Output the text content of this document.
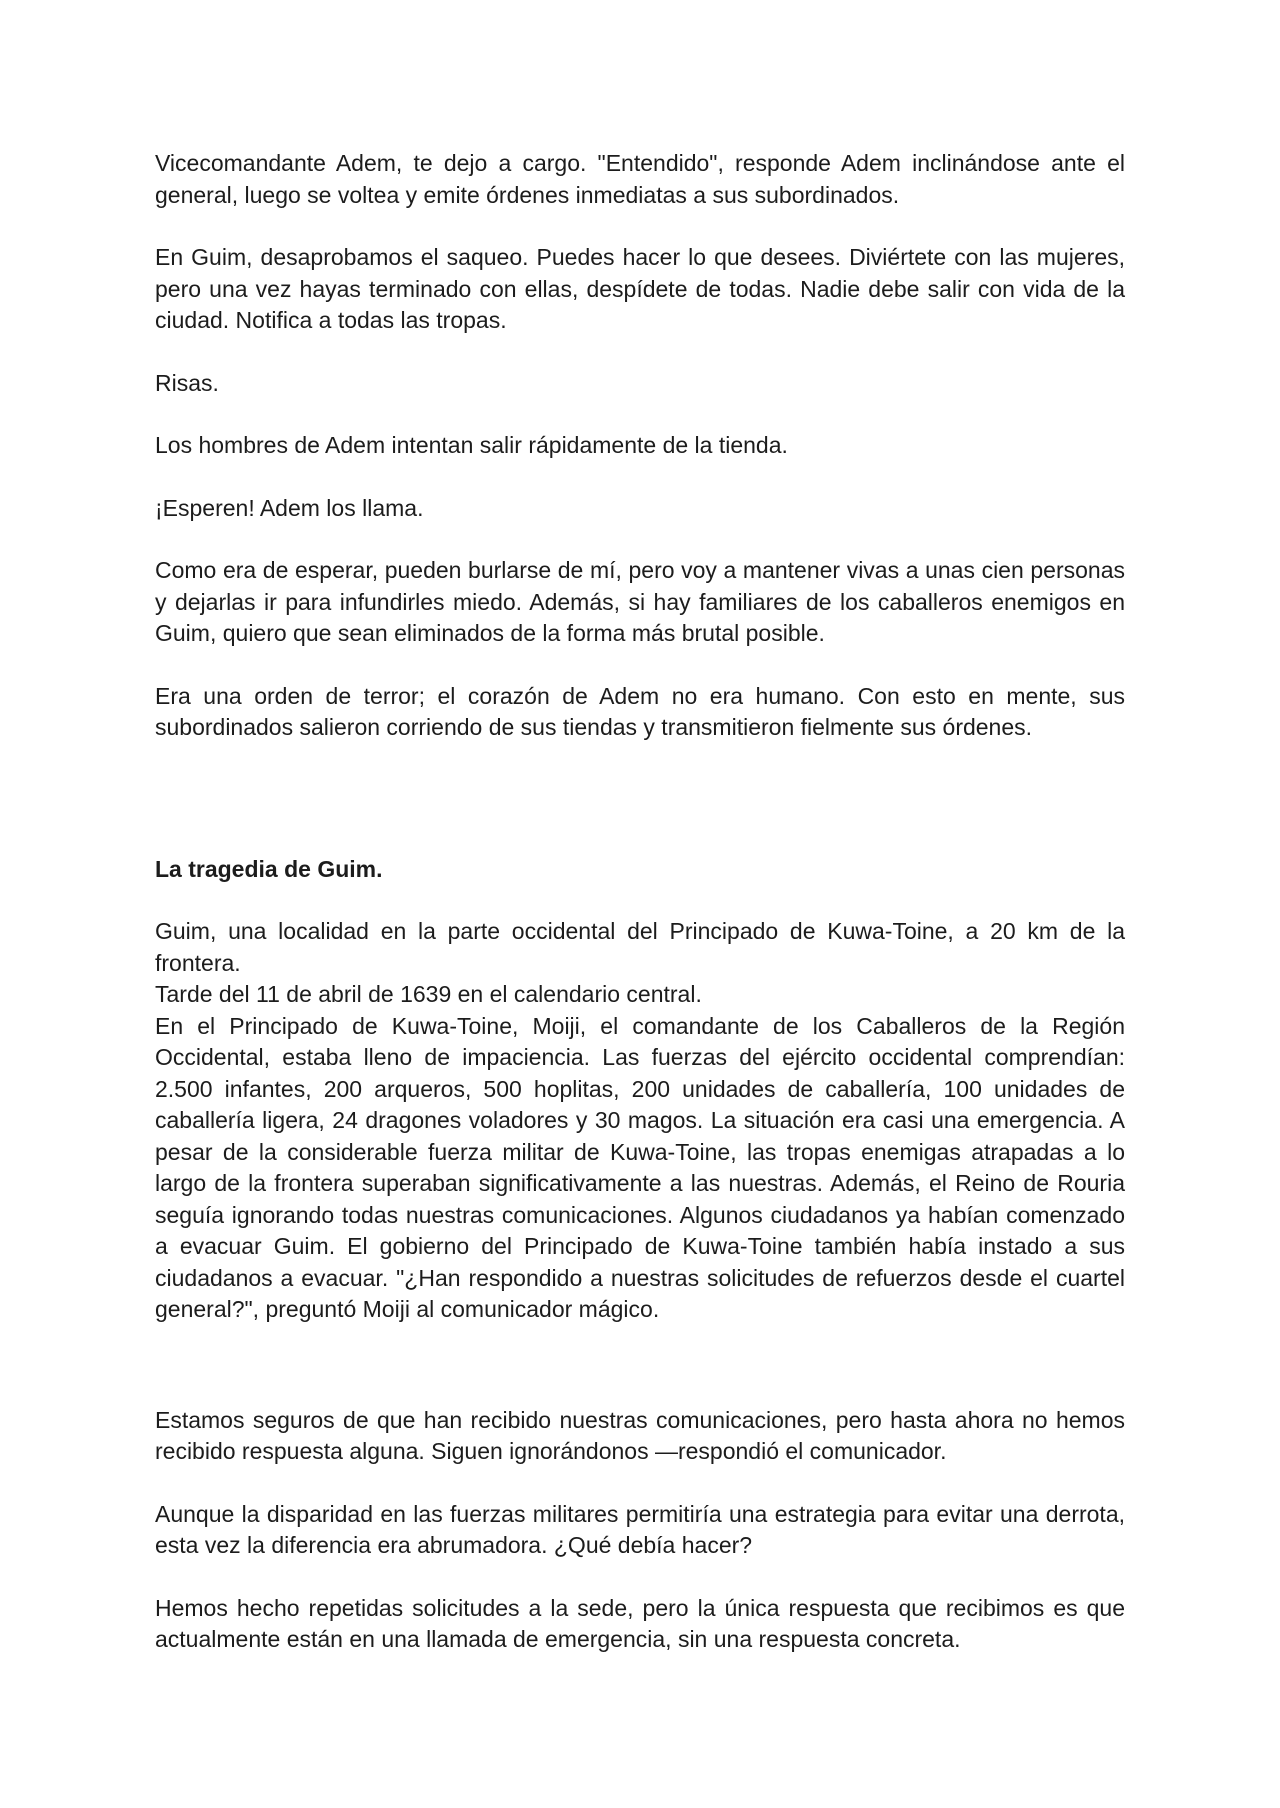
Vicecomandante Adem, te dejo a cargo. "Entendido", responde Adem inclinándose ante el general, luego se voltea y emite órdenes inmediatas a sus subordinados.

En Guim, desaprobamos el saqueo. Puedes hacer lo que desees. Diviértete con las mujeres, pero una vez hayas terminado con ellas, despídete de todas. Nadie debe salir con vida de la ciudad. Notifica a todas las tropas.

Risas.

Los hombres de Adem intentan salir rápidamente de la tienda.

¡Esperen! Adem los llama.

Como era de esperar, pueden burlarse de mí, pero voy a mantener vivas a unas cien personas y dejarlas ir para infundirles miedo. Además, si hay familiares de los caballeros enemigos en Guim, quiero que sean eliminados de la forma más brutal posible.

Era una orden de terror; el corazón de Adem no era humano. Con esto en mente, sus subordinados salieron corriendo de sus tiendas y transmitieron fielmente sus órdenes.

La tragedia de Guim.

Guim, una localidad en la parte occidental del Principado de Kuwa-Toine, a 20 km de la frontera.
Tarde del 11 de abril de 1639 en el calendario central.
En el Principado de Kuwa-Toine, Moiji, el comandante de los Caballeros de la Región Occidental, estaba lleno de impaciencia. Las fuerzas del ejército occidental comprendían: 2.500 infantes, 200 arqueros, 500 hoplitas, 200 unidades de caballería, 100 unidades de caballería ligera, 24 dragones voladores y 30 magos. La situación era casi una emergencia. A pesar de la considerable fuerza militar de Kuwa-Toine, las tropas enemigas atrapadas a lo largo de la frontera superaban significativamente a las nuestras. Además, el Reino de Rouria seguía ignorando todas nuestras comunicaciones. Algunos ciudadanos ya habían comenzado a evacuar Guim. El gobierno del Principado de Kuwa-Toine también había instado a sus ciudadanos a evacuar. "¿Han respondido a nuestras solicitudes de refuerzos desde el cuartel general?", preguntó Moiji al comunicador mágico.

Estamos seguros de que han recibido nuestras comunicaciones, pero hasta ahora no hemos recibido respuesta alguna. Siguen ignorándonos —respondió el comunicador.

Aunque la disparidad en las fuerzas militares permitiría una estrategia para evitar una derrota, esta vez la diferencia era abrumadora. ¿Qué debía hacer?

Hemos hecho repetidas solicitudes a la sede, pero la única respuesta que recibimos es que actualmente están en una llamada de emergencia, sin una respuesta concreta.
